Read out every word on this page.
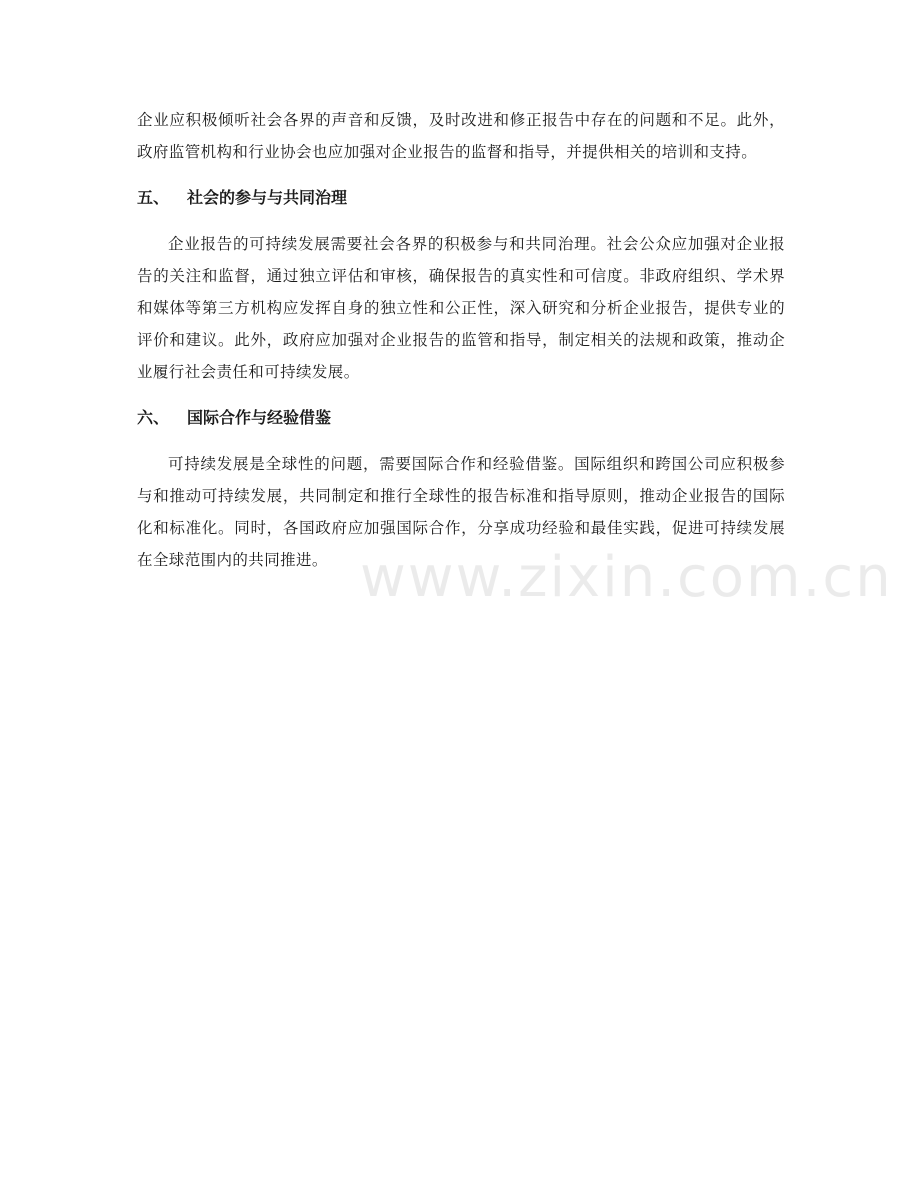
企业应积极倾听社会各界的声音和反馈，及时改进和修正报告中存在的问题和不足。此外，政府监管机构和行业协会也应加强对企业报告的监督和指导，并提供相关的培训和支持。

五、	社会的参与与共同治理

企业报告的可持续发展需要社会各界的积极参与和共同治理。社会公众应加强对企业报告的关注和监督，通过独立评估和审核，确保报告的真实性和可信度。非政府组织、学术界和媒体等第三方机构应发挥自身的独立性和公正性，深入研究和分析企业报告，提供专业的评价和建议。此外，政府应加强对企业报告的监管和指导，制定相关的法规和政策，推动企业履行社会责任和可持续发展。

六、	国际合作与经验借鉴

可持续发展是全球性的问题，需要国际合作和经验借鉴。国际组织和跨国公司应积极参与和推动可持续发展，共同制定和推行全球性的报告标准和指导原则，推动企业报告的国际化和标准化。同时，各国政府应加强国际合作，分享成功经验和最佳实践，促进可持续发展在全球范围内的共同推进。 www.zixin.com.cn
